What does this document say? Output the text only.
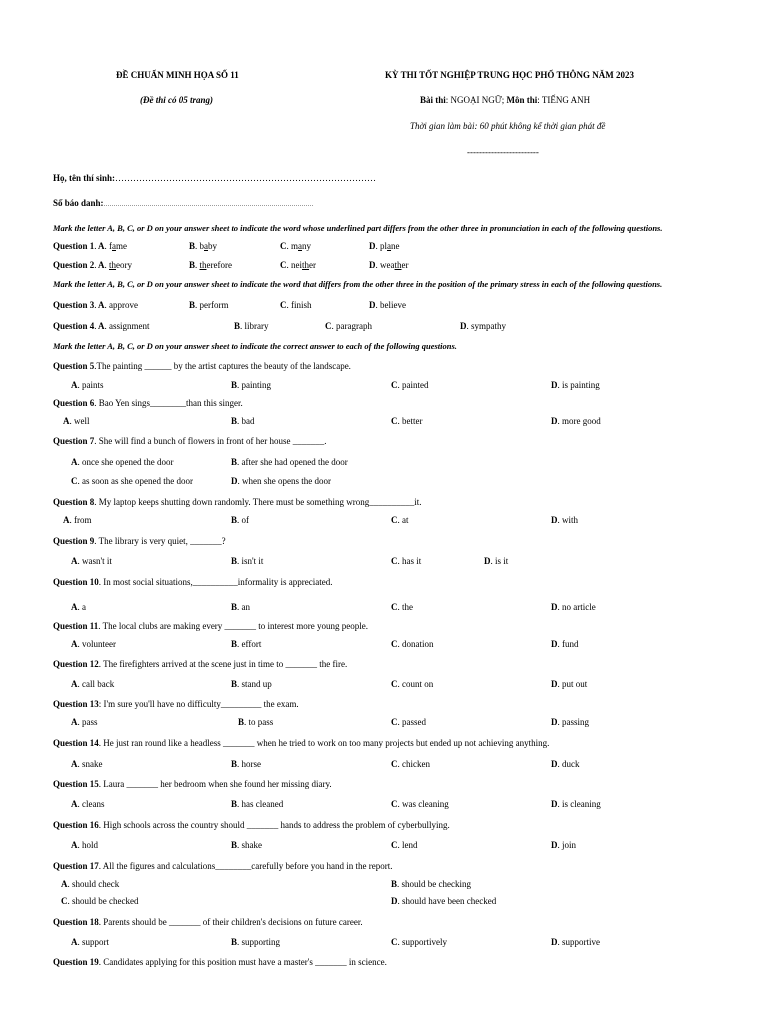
ĐỀ CHUẨN MINH HỌA SỐ 11
(Đề thi có 05 trang)
KỲ THI TỐT NGHIỆP TRUNG HỌC PHỔ THÔNG NĂM 2023
Bài thi: NGOẠI NGỮ; Môn thi: TIẾNG ANH
Thời gian làm bài: 60 phút không kể thời gian phát đề
------------------------
Họ, tên thí sinh:……………………………………………………………………………
Số báo danh:……………………………………………………………………………………………
Mark the letter A, B, C, or D on your answer sheet to indicate the word whose underlined part differs from the other three in pronunciation in each of the following questions.
Question 1. A. fame	B. baby	C. many	D. plane
Question 2. A. theory	B. therefore	C. neither	D. weather
Mark the letter A, B, C, or D on your answer sheet to indicate the word that differs from the other three in the position of the primary stress in each of the following questions.
Question 3. A. approve	B. perform	C. finish	D. believe
Question 4. A. assignment	B. library	C. paragraph	D. sympathy
Mark the letter A, B, C, or D on your answer sheet to indicate the correct answer to each of the following questions.
Question 5.The painting ______ by the artist captures the beauty of the landscape.
A. paints	B. painting	C. painted	D. is painting
Question 6. Bao Yen sings________than this singer.
A. well	B. bad	C. better	D. more good
Question 7. She will find a bunch of flowers in front of her house _______.
A. once she opened the door	B. after she had opened the door
C. as soon as she opened the door	D. when she opens the door
Question 8. My laptop keeps shutting down randomly. There must be something wrong__________it.
A. from	B. of	C. at	D. with
Question 9. The library is very quiet, _______?
A. wasn't it	B. isn't it	C. has it	D. is it
Question 10. In most social situations,__________informality is appreciated.
A. a	B. an	C. the	D. no article
Question 11. The local clubs are making every _______ to interest more young people.
A. volunteer	B. effort	C. donation	D. fund
Question 12. The firefighters arrived at the scene just in time to _______ the fire.
A. call back	B. stand up	C. count on	D. put out
Question 13: I'm sure you'll have no difficulty_________ the exam.
A. pass	B. to pass	C. passed	D. passing
Question 14. He just ran round like a headless _______ when he tried to work on too many projects but ended up not achieving anything.
A. snake	B. horse	C. chicken	D. duck
Question 15. Laura _______ her bedroom when she found her missing diary.
A. cleans	B. has cleaned	C. was cleaning	D. is cleaning
Question 16. High schools across the country should _______ hands to address the problem of cyberbullying.
A. hold	B. shake	C. lend	D. join
Question 17. All the figures and calculations________carefully before you hand in the report.
A. should check	B. should be checking
C. should be checked	D. should have been checked
Question 18. Parents should be _______ of their children's decisions on future career.
A. support	B. supporting	C. supportively	D. supportive
Question 19. Candidates applying for this position must have a master's _______ in science.
